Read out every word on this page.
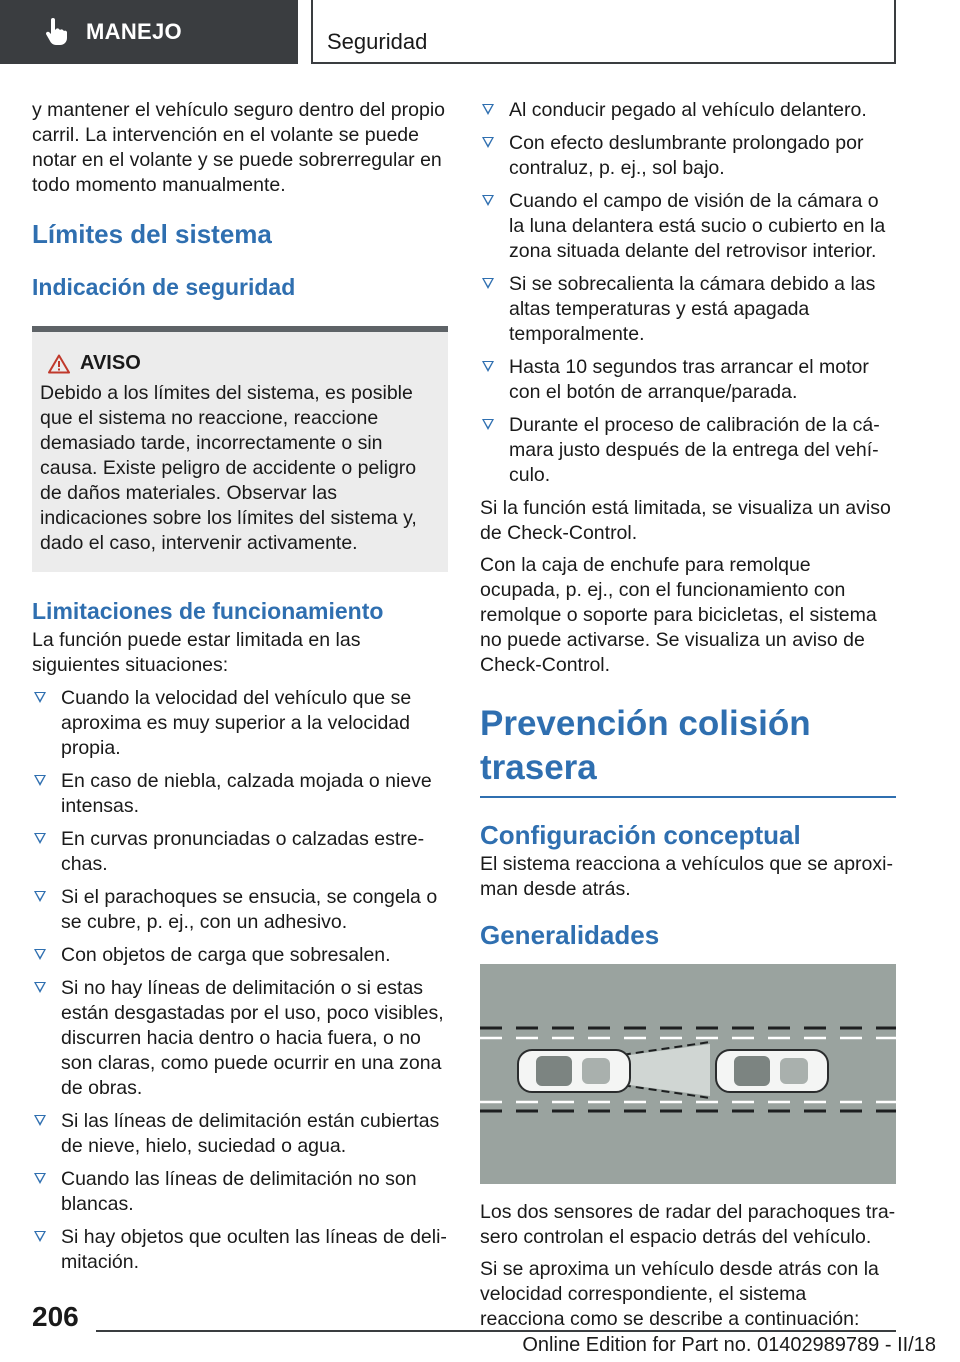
MANEJO	Seguridad

y mantener el vehículo seguro dentro del propio carril. La intervención en el volante se puede notar en el volante y se puede sobrerregular en todo momento manualmente.

Límites del sistema
Indicación de seguridad
AVISO

Debido a los límites del sistema, es posible que el sistema no reaccione, reaccione demasiado tarde, incorrectamente o sin causa. Existe peligro de accidente o peligro de daños materiales. Observar las indicaciones sobre los límites del sistema y, dado el caso, intervenir activamente.

Limitaciones de funcionamiento

La función puede estar limitada en las siguientes situaciones:

Cuando la velocidad del vehículo que se aproxima es muy superior a la velocidad propia.
En caso de niebla, calzada mojada o nieve intensas.
En curvas pronunciadas o calzadas estrechas.
Si el parachoques se ensucia, se congela o se cubre, p. ej., con un adhesivo.
Con objetos de carga que sobresalen.
Si no hay líneas de delimitación o si estas están desgastadas por el uso, poco visibles, discurren hacia dentro o hacia fuera, o no son claras, como puede ocurrir en una zona de obras.
Si las líneas de delimitación están cubiertas de nieve, hielo, suciedad o agua.
Cuando las líneas de delimitación no son blancas.
Si hay objetos que oculten las líneas de delimitación.
Al conducir pegado al vehículo delantero.
Con efecto deslumbrante prolongado por contraluz, p. ej., sol bajo.
Cuando el campo de visión de la cámara o la luna delantera está sucio o cubierto en la zona situada delante del retrovisor interior.
Si se sobrecalienta la cámara debido a las altas temperaturas y está apagada temporalmente.
Hasta 10 segundos tras arrancar el motor con el botón de arranque/parada.
Durante el proceso de calibración de la cámara justo después de la entrega del vehículo.

Si la función está limitada, se visualiza un aviso de Check-Control.

Con la caja de enchufe para remolque ocupada, p. ej., con el funcionamiento con remolque o soporte para bicicletas, el sistema no puede activarse. Se visualiza un aviso de Check-Control.

Prevención colisión trasera
Configuración conceptual

El sistema reacciona a vehículos que se aproximan desde atrás.

Generalidades

Los dos sensores de radar del parachoques trasero controlan el espacio detrás del vehículo.

Si se aproxima un vehículo desde atrás con la velocidad correspondiente, el sistema reacciona como se describe a continuación:

206
Online Edition for Part no. 01402989789 - II/18
